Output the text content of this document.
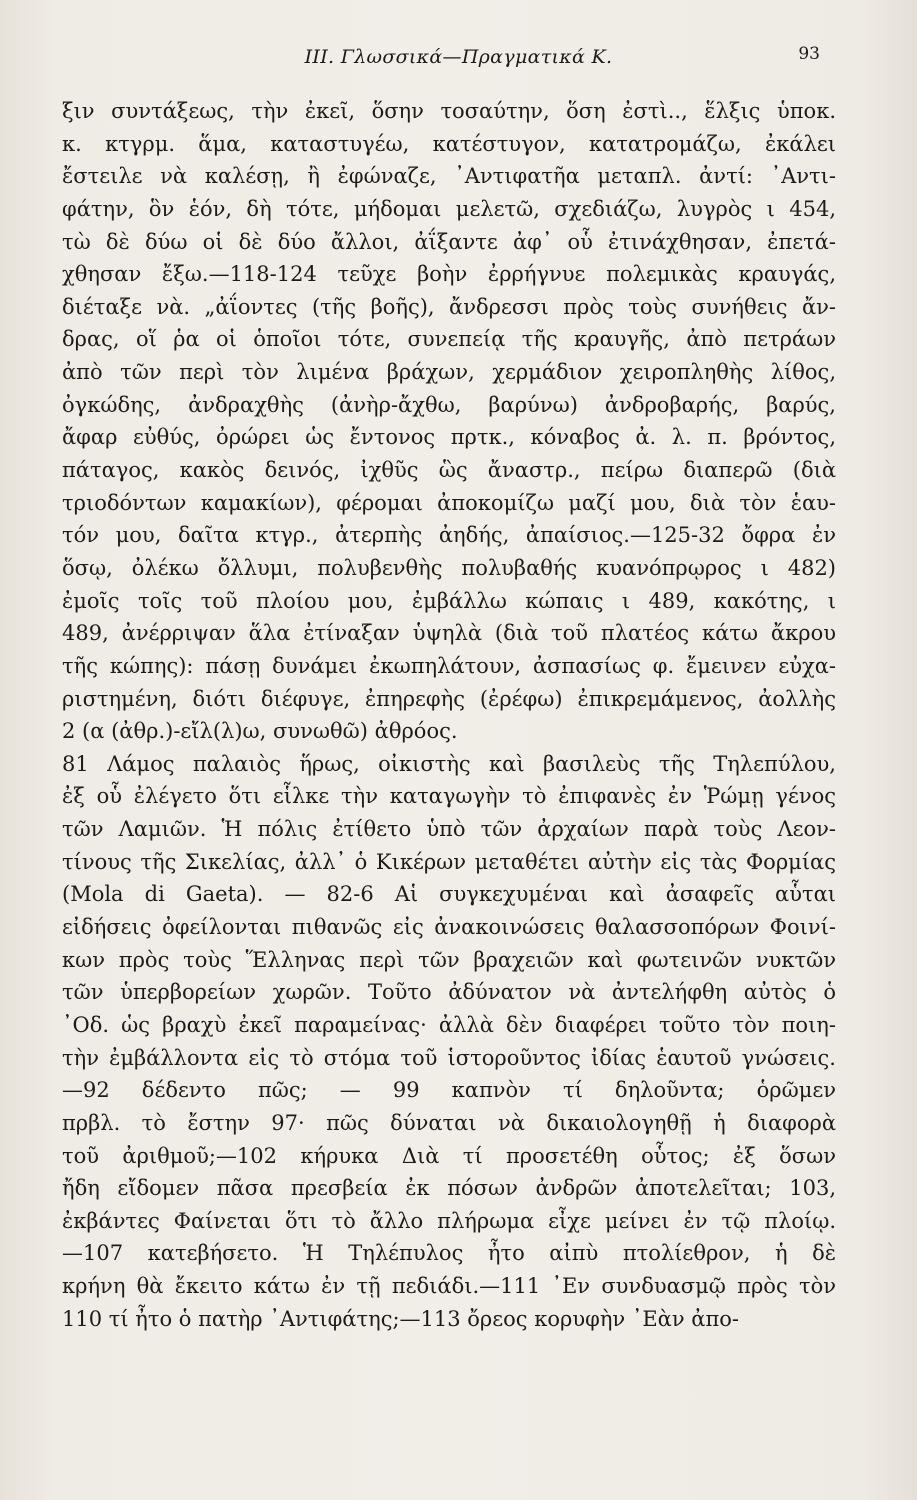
III. Γλωσσικά—Πραγματικά Κ.	93
ξιν συντάξεως, τὴν ἐκεῖ, ὅσην τοσαύτην, ὅση ἐστὶ.., ἕλξις ὑποκ.
κ. κτγρμ. ἅμα, καταστυγέω, κατέστυγον, κατατρομάζω, ἐκάλει
ἔστειλε νὰ καλέσῃ, ἢ ἐφώναζε, ᾿Αντιφατῆα μεταπλ. ἀντί: ᾿Αντι-
φάτην, ὃν ἑόν, δὴ τότε, μήδομαι μελετῶ, σχεδιάζω, λυγρὸς ι 454,
τὼ δὲ δύω οἱ δὲ δύο ἄλλοι, ἀΐξαντε ἀφ᾿ οὗ ἐτινάχθησαν, ἐπετά-
χθησαν ἔξω.—118-124 τεῦχε βοὴν ἐρρήγνυε πολεμικὰς κραυγάς,
διέταξε νὰ. „ἀΐοντες (τῆς βοῆς), ἄνδρεσσι πρὸς τοὺς συνήθεις ἄν-
δρας, οἵ ῥα οἱ ὁποῖοι τότε, συνεπείᾳ τῆς κραυγῆς, ἀπὸ πετράων
ἀπὸ τῶν περὶ τὸν λιμένα βράχων, χερμάδιον χειροπληθὴς λίθος,
ὀγκώδης, ἀνδραχθὴς (ἀνὴρ-ἄχθω, βαρύνω) ἀνδροβαρής, βαρύς,
ἄφαρ εὐθύς, ὀρώρει ὡς ἔντονος πρτκ., κόναβος ἀ. λ. π. βρόντος,
πάταγος, κακὸς δεινός, ἰχθῦς ὣς ἄναστρ., πείρω διαπερῶ (διὰ
τριοδόντων καμακίων), φέρομαι ἀποκομίζω μαζί μου, διὰ τὸν ἑαυ-
τόν μου, δαῖτα κτγρ., ἀτερπὴς ἀηδής, ἀπαίσιος.—125-32 ὄφρα ἐν
ὅσῳ, ὀλέκω ὄλλυμι, πολυβενθὴς πολυβαθής κυανόπρῳρος ι 482)
ἐμοῖς τοῖς τοῦ πλοίου μου, ἐμβάλλω κώπαις ι 489, κακότης, ι
489, ἀνέρριψαν ἅλα ἐτίναξαν ὑψηλὰ (διὰ τοῦ πλατέος κάτω ἄκρου
τῆς κώπης): πάσῃ δυνάμει ἐκωπηλάτουν, ἀσπασίως φ. ἔμεινεν εὐχα-
ριστημένη, διότι διέφυγε, ἐπηρεφὴς (ἐρέφω) ἐπικρεμάμενος, ἀολλὴς
2 (α (ἀθρ.)-εἴλ(λ)ω, συνωθῶ) ἀθρόος.
81 Λάμος παλαιὸς ἥρως, οἰκιστὴς καὶ βασιλεὺς τῆς Τηλεπύλου,
ἐξ οὗ ἐλέγετο ὅτι εἷλκε τὴν καταγωγὴν τὸ ἐπιφανὲς ἐν Ῥώμῃ γένος
τῶν Λαμιῶν. Ἡ πόλις ἐτίθετο ὑπὸ τῶν ἀρχαίων παρὰ τοὺς Λεον-
τίνους τῆς Σικελίας, ἀλλ᾿ ὁ Κικέρων μεταθέτει αὐτὴν εἰς τὰς Φορμίας
(Mola di Gaeta). — 82-6 Αἱ συγκεχυμέναι καὶ ἀσαφεῖς αὗται
εἰδήσεις ὀφείλονται πιθανῶς εἰς ἀνακοινώσεις θαλασσοπόρων Φοινί-
κων πρὸς τοὺς Ἕλληνας περὶ τῶν βραχειῶν καὶ φωτεινῶν νυκτῶν
τῶν ὑπερβορείων χωρῶν. Τοῦτο ἀδύνατον νὰ ἀντελήφθη αὐτὸς ὁ
᾿Οδ. ὡς βραχὺ ἐκεῖ παραμείνας· ἀλλὰ δὲν διαφέρει τοῦτο τὸν ποιη-
τὴν ἐμβάλλοντα εἰς τὸ στόμα τοῦ ἱστοροῦντος ἰδίας ἑαυτοῦ γνώσεις.
—92 δέδεντο πῶς; — 99 καπνὸν τί δηλοῦντα; ὁρῶμεν
πρβλ. τὸ ἔστην 97· πῶς δύναται νὰ δικαιολογηθῇ ἡ διαφορὰ
τοῦ ἀριθμοῦ;—102 κήρυκα Διὰ τί προσετέθη οὗτος; ἐξ ὅσων
ἤδη εἴδομεν πᾶσα πρεσβεία ἐκ πόσων ἀνδρῶν ἀποτελεῖται; 103,
ἐκβάντες Φαίνεται ὅτι τὸ ἄλλο πλήρωμα εἶχε μείνει ἐν τῷ πλοίῳ.
—107 κατεβήσετο. Ἡ Τηλέπυλος ἦτο αἰπὺ πτολίεθρον, ἡ δὲ
κρήνη θὰ ἔκειτο κάτω ἐν τῇ πεδιάδι.—111 ᾿Εν συνδυασμῷ πρὸς τὸν
110 τί ἦτο ὁ πατὴρ ᾿Αντιφάτης;—113 ὄρεος κορυφὴν ᾿Εὰν ἀπο-
